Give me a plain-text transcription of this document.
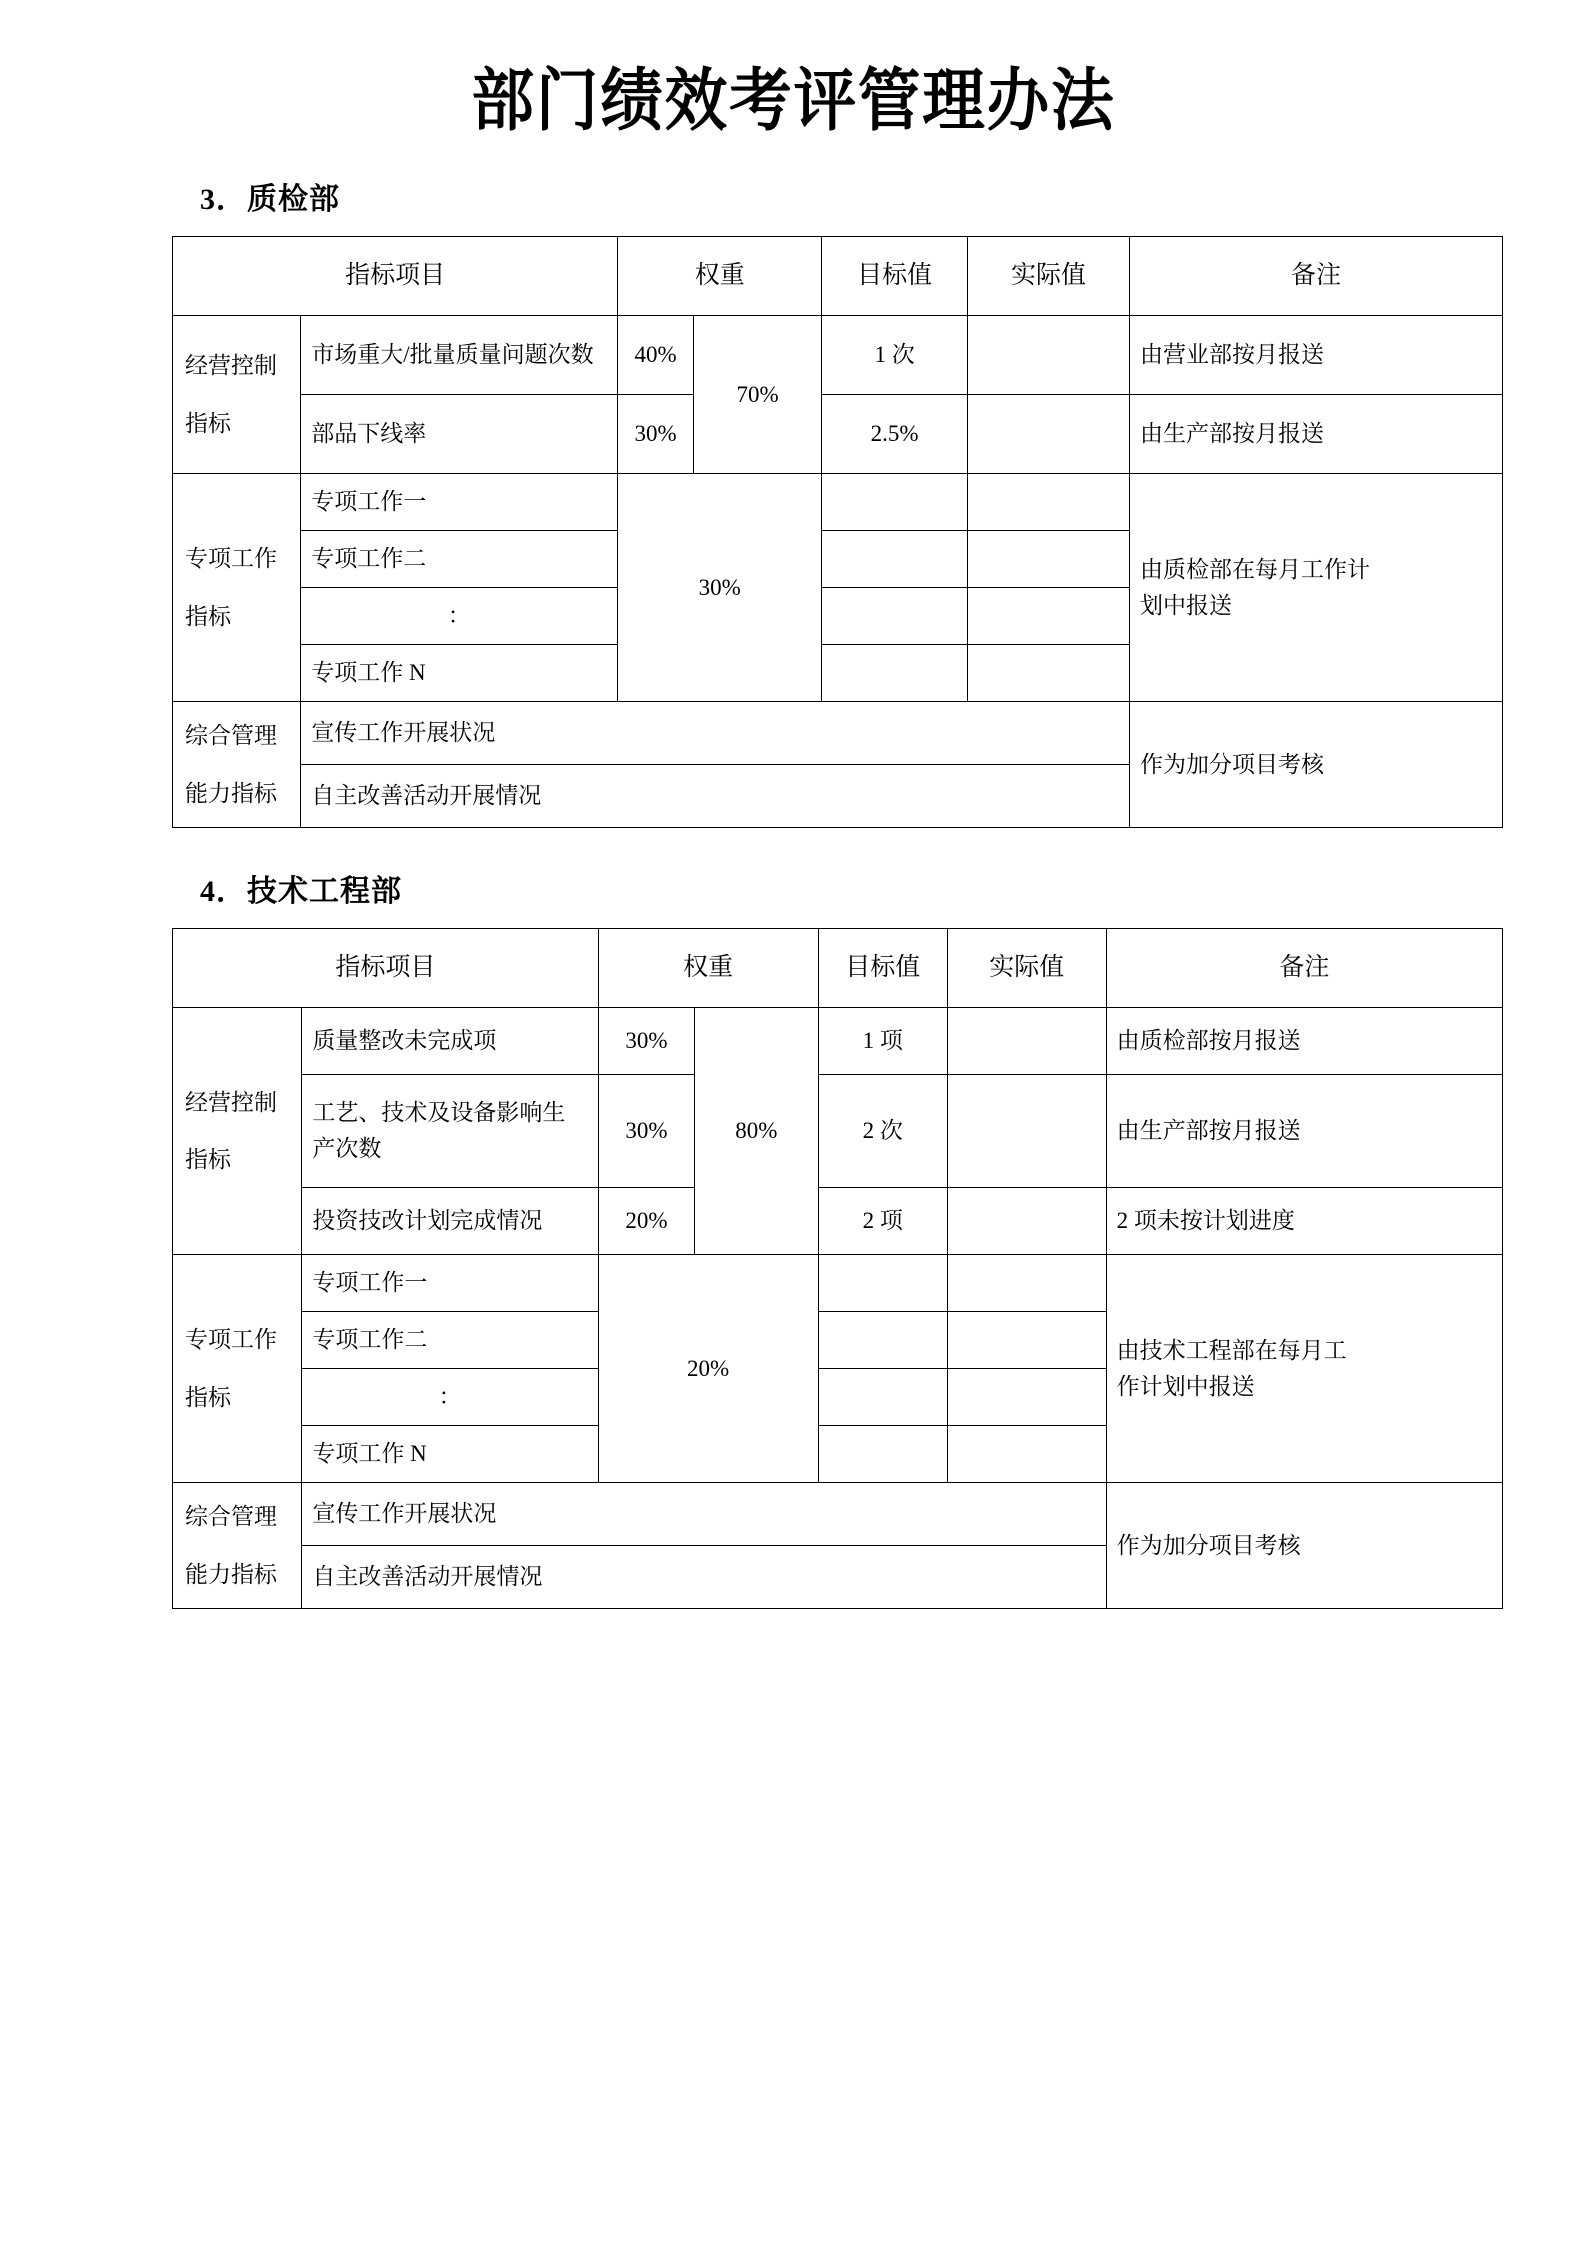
部门绩效考评管理办法
3．质检部
指标项目		权重		目标值	实际值	备注

经营控制
指标	市场重大/批量质量问题次数	40%	70%	1 次		由营业部按月报送
	部品下线率	30%		2.5%		由生产部按月报送

专项工作
指标	专项工作一	30%				由质检部在每月工作计
划中报送
	专项工作二					
	：					
	专项工作 N					

综合管理
能力指标	宣传工作开展状况					作为加分项目考核
	自主改善活动开展情况					
4．技术工程部
指标项目		权重		目标值	实际值	备注

经营控制
指标	质量整改未完成项	30%	80%	1 项		由质检部按月报送
	工艺、技术及设备影响生产次数	30%		2 次		由生产部按月报送
	投资技改计划完成情况	20%		2 项		2 项未按计划进度

专项工作
指标	专项工作一	20%				由技术工程部在每月工
作计划中报送
	专项工作二					
	：					
	专项工作 N					

综合管理
能力指标	宣传工作开展状况					作为加分项目考核
	自主改善活动开展情况					
